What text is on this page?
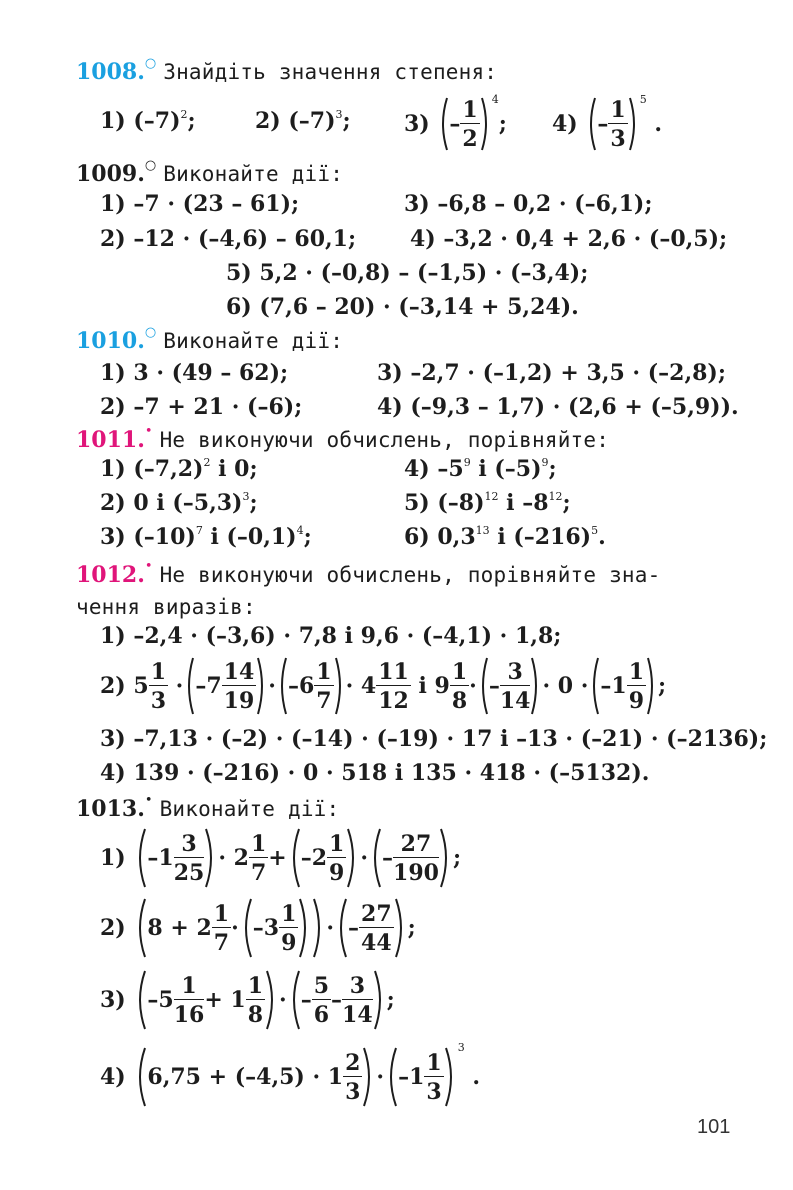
1008.○ Знайдіть значення степеня:
1) $(-7)^2$;	2) $(-7)^3$; 3)
– $\frac{1}{2} ^4$
; 4)
– $\frac{1}{3} ^5$

.
1009.○ Виконайте дії:
1) –7 · (23 – 61);	3) –6,8 – 0,2 · (–6,1);
2) –12 · (–4,6) – 60,1; 4) –3,2 · 0,4 + 2,6 · (–0,5);
5) 5,2 · (–0,8) – (–1,5) · (–3,4);
6) (7,6 – 20) · (–3,14 + 5,24).
1010.○ Виконайте дії:
1) 3 · (49 – 62);	3) –2,7 · (–1,2) + 3,5 · (–2,8);
2) –7 + 21 · (–6);	4) (–9,3 – 1,7) · (2,6 + (–5,9)).
1011.• Не виконуючи обчислень, порівняйте:
1) $(-7,2)^2$ і 0;	4) $-5^9$ і $(-5)^9$;
2) 0 і $(-5,3)^3$;	5) $(-8)^{12}$ і $-8^{12}$;
3) $(-10)^7$ і $(-0,1)^4$;	6) $0,3^{13}$ і $(-216)^5$.
1012.• Не виконуючи обчислень, порівняйте зна-
чення виразів:
1) –2,4 · (–3,6) · 7,8 і 9,6 · (–4,1) · 1,8;
2) $5 \frac{1}{3}$
· $-7 \frac{14}{19} \cdot -6 \frac{1}{7} \cdot 4 \frac{11}{12}$ і $9 \frac{1}{8}$ · – $\frac{3}{14} \cdot 0 \cdot -1 \frac{1}{9}$ ;
3) –7,13 · (–2) · (–14) · (–19) · 17 і –13 · (–21) · (–2136);
4) 139 · (–216) · 0 · 518 і 135 · 418 · (–5132).
1013.• Виконайте дії:
1)
$-1 \frac{3}{25} \cdot 2 \frac{1}{7} + -2 \frac{1}{9}$ · – $\frac{27}{190}$ ;
2)
$8 + 2 \frac{1}{7} \cdot -3 \frac{1}{9}$ · – $\frac{27}{44}$ ;
3)
$-5 \frac{1}{16} + 1 \frac{1}{8}$ · – $\frac{5}{6} - \frac{3}{14}$ ;
4)
$6,75 + (-4,5) \cdot 1 \frac{2}{3} \cdot -1 \frac{1}{3}$
$^3$

.
101
